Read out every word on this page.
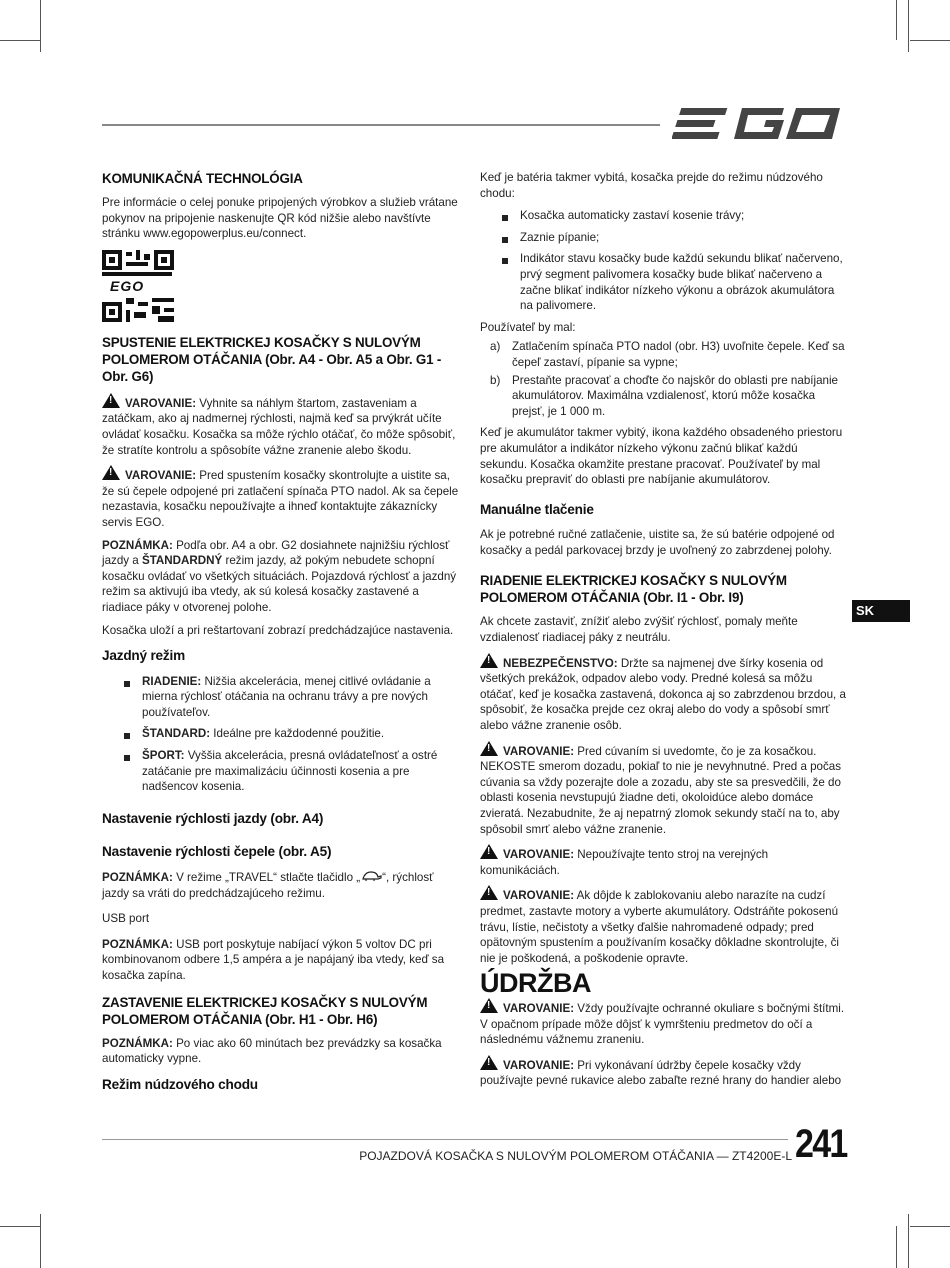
KOMUNIKAČNÁ TECHNOLÓGIA

Pre informácie o celej ponuke pripojených výrobkov a služieb vrátane pokynov na pripojenie naskenujte QR kód nižšie alebo navštívte stránku www.egopowerplus.eu/connect.

EGO
SPUSTENIE ELEKTRICKEJ KOSAČKY S NULOVÝM POLOMEROM OTÁČANIA (Obr. A4 - Obr. A5 a Obr. G1 - Obr. G6)

!VAROVANIE: Vyhnite sa náhlym štartom, zastaveniam a zatáčkam, ako aj nadmernej rýchlosti, najmä keď sa prvýkrát učíte ovládať kosačku. Kosačka sa môže rýchlo otáčať, čo môže spôsobiť, že stratíte kontrolu a spôsobíte vážne zranenie alebo škodu.

!VAROVANIE: Pred spustením kosačky skontrolujte a uistite sa, že sú čepele odpojené pri zatlačení spínača PTO nadol. Ak sa čepele nezastavia, kosačku nepoužívajte a ihneď kontaktujte zákaznícky servis EGO.

POZNÁMKA: Podľa obr. A4 a obr. G2 dosiahnete najnižšiu rýchlosť jazdy a ŠTANDARDNÝ režim jazdy, až pokým nebudete schopní kosačku ovládať vo všetkých situáciách. Pojazdová rýchlosť a jazdný režim sa aktivujú iba vtedy, ak sú kolesá kosačky zastavené a riadiace páky v otvorenej polohe.

Kosačka uloží a pri reštartovaní zobrazí predchádzajúce nastavenia.

Jazdný režim
RIADENIE: Nižšia akcelerácia, menej citlivé ovládanie a mierna rýchlosť otáčania na ochranu trávy a pre nových používateľov.
ŠTANDARD: Ideálne pre každodenné použitie.
ŠPORT: Vyššia akcelerácia, presná ovládateľnosť a ostré zatáčanie pre maximalizáciu účinnosti kosenia a pre nadšencov kosenia.
Nastavenie rýchlosti jazdy (obr. A4)
Nastavenie rýchlosti čepele (obr. A5)

POZNÁMKA: V režime „TRAVEL“ stlačte tlačidlo „ “, rýchlosť jazdy sa vráti do predchádzajúceho režimu.

USB port

POZNÁMKA: USB port poskytuje nabíjací výkon 5 voltov DC pri kombinovanom odbere 1,5 ampéra a je napájaný iba vtedy, keď sa kosačka zapína.

ZASTAVENIE ELEKTRICKEJ KOSAČKY S NULOVÝM POLOMEROM OTÁČANIA (Obr. H1 - Obr. H6)

POZNÁMKA: Po viac ako 60 minútach bez prevádzky sa kosačka automaticky vypne.

Režim núdzového chodu

Keď je batéria takmer vybitá, kosačka prejde do režimu núdzového chodu:

Kosačka automaticky zastaví kosenie trávy;
Zaznie pípanie;
Indikátor stavu kosačky bude každú sekundu blikať načerveno, prvý segment palivomera kosačky bude blikať načerveno a začne blikať indikátor nízkeho výkonu a obrázok akumulátora na palivomere.

Používateľ by mal:

a) Zatlačením spínača PTO nadol (obr. H3) uvoľnite čepele. Keď sa čepeľ zastaví, pípanie sa vypne;
b) Prestaňte pracovať a choďte čo najskôr do oblasti pre nabíjanie akumulátorov. Maximálna vzdialenosť, ktorú môže kosačka prejsť, je 1 000 m.

Keď je akumulátor takmer vybitý, ikona každého obsadeného priestoru pre akumulátor a indikátor nízkeho výkonu začnú blikať každú sekundu. Kosačka okamžite prestane pracovať. Používateľ by mal kosačku prepraviť do oblasti pre nabíjanie akumulátorov.

Manuálne tlačenie

Ak je potrebné ručné zatlačenie, uistite sa, že sú batérie odpojené od kosačky a pedál parkovacej brzdy je uvoľnený zo zabrzdenej polohy.

RIADENIE ELEKTRICKEJ KOSAČKY S NULOVÝM POLOMEROM OTÁČANIA (Obr. I1 - Obr. I9)

Ak chcete zastaviť, znížiť alebo zvýšiť rýchlosť, pomaly meňte vzdialenosť riadiacej páky z neutrálu.

!NEBEZPEČENSTVO: Držte sa najmenej dve šírky kosenia od všetkých prekážok, odpadov alebo vody. Predné kolesá sa môžu otáčať, keď je kosačka zastavená, dokonca aj so zabrzdenou brzdou, a spôsobiť, že kosačka prejde cez okraj alebo do vody a spôsobí smrť alebo vážne zranenie osôb.

!VAROVANIE: Pred cúvaním si uvedomte, čo je za kosačkou. NEKOSTE smerom dozadu, pokiaľ to nie je nevyhnutné. Pred a počas cúvania sa vždy pozerajte dole a zozadu, aby ste sa presvedčili, že do oblasti kosenia nevstupujú žiadne deti, okoloidúce alebo domáce zvieratá. Nezabudnite, že aj nepatrný zlomok sekundy stačí na to, aby spôsobil smrť alebo vážne zranenie.

!VAROVANIE: Nepoužívajte tento stroj na verejných komunikáciách.

!VAROVANIE: Ak dôjde k zablokovaniu alebo narazíte na cudzí predmet, zastavte motory a vyberte akumulátory. Odstráňte pokosenú trávu, lístie, nečistoty a všetky ďalšie nahromadené odpady; pred opätovným spustením a používaním kosačky dôkladne skontrolujte, či nie je poškodená, a poškodenie opravte.

ÚDRŽBA

!VAROVANIE: Vždy používajte ochranné okuliare s bočnými štítmi. V opačnom prípade môže dôjsť k vymršteniu predmetov do očí a následnému vážnemu zraneniu.

!VAROVANIE: Pri vykonávaní údržby čepele kosačky vždy používajte pevné rukavice alebo zabaľte rezné hrany do handier alebo

SK
POJAZDOVÁ KOSAČKA S NULOVÝM POLOMEROM OTÁČANIA — ZT4200E-L 241
